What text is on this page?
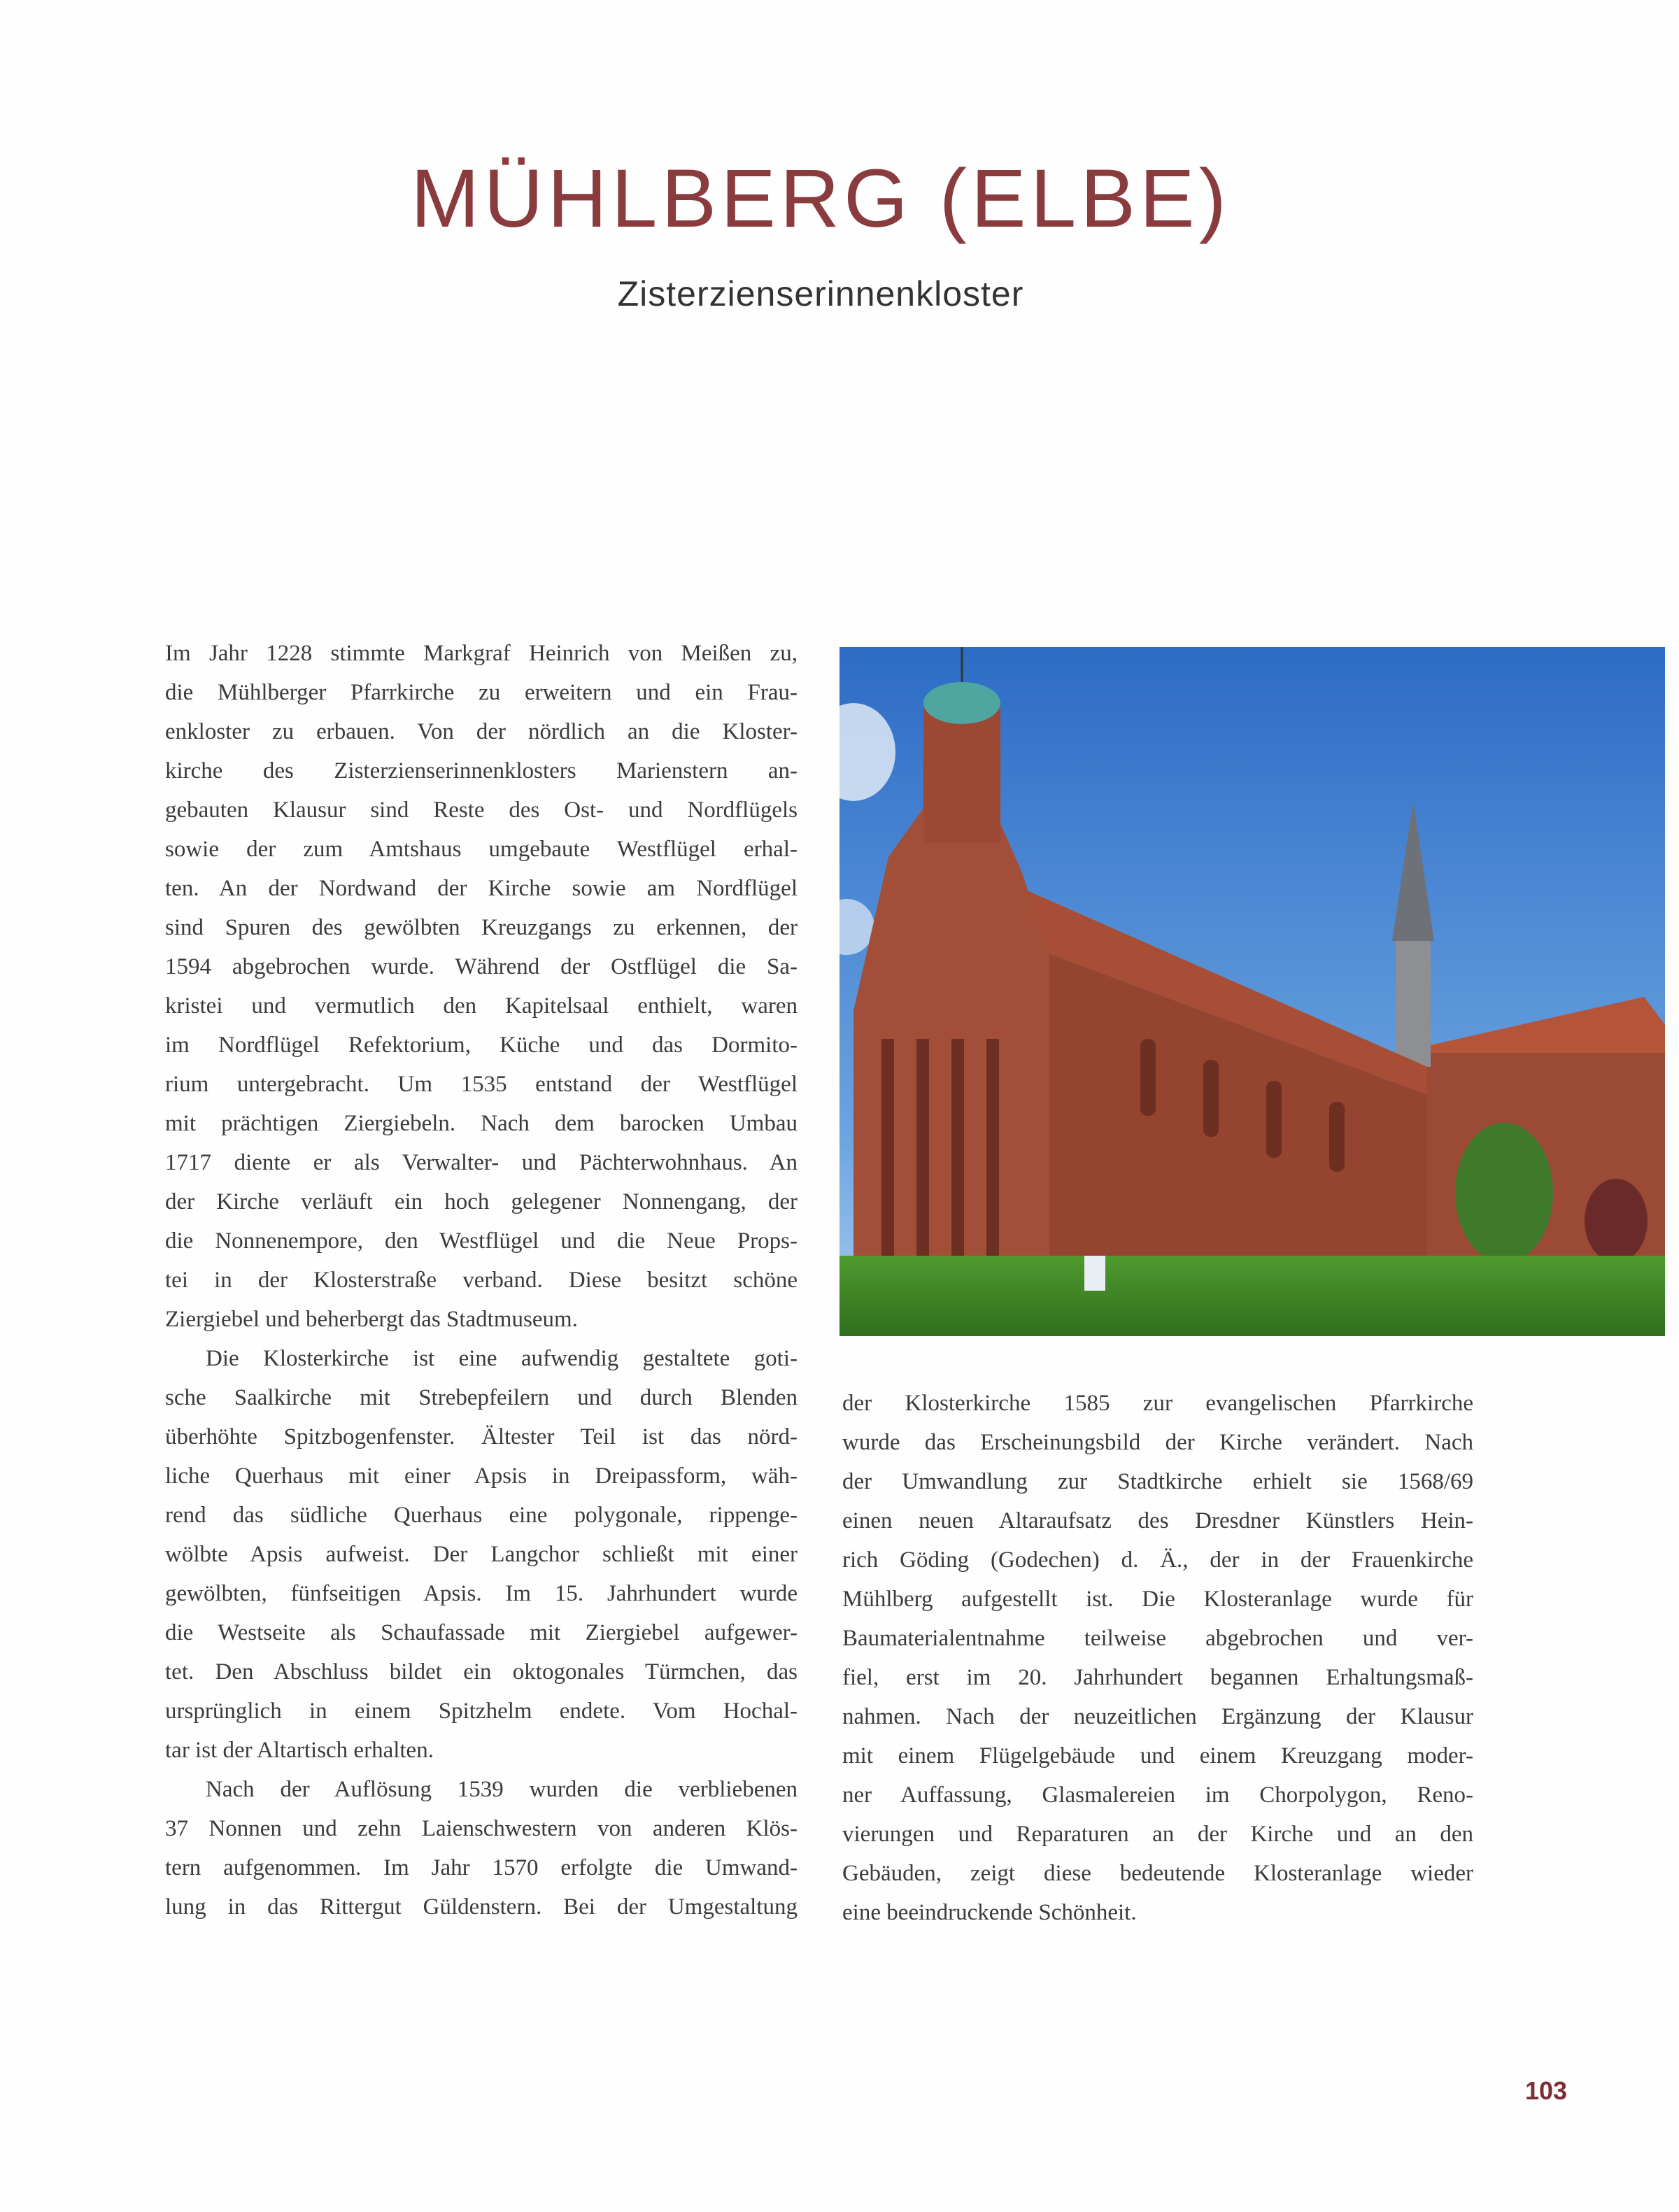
MÜHLBERG (ELBE)
Zisterzienserinnenkloster
Im Jahr 1228 stimmte Markgraf Heinrich von Meißen zu,
die Mühlberger Pfarrkirche zu erweitern und ein Frau-
enkloster zu erbauen. Von der nördlich an die Kloster-
kirche des Zisterzienserinnenklosters Marienstern an-
gebauten Klausur sind Reste des Ost- und Nordflügels
sowie der zum Amtshaus umgebaute Westflügel erhal-
ten. An der Nordwand der Kirche sowie am Nordflügel
sind Spuren des gewölbten Kreuzgangs zu erkennen, der
1594 abgebrochen wurde. Während der Ostflügel die Sa-
kristei und vermutlich den Kapitelsaal enthielt, waren
im Nordflügel Refektorium, Küche und das Dormito-
rium untergebracht. Um 1535 entstand der Westflügel
mit prächtigen Ziergiebeln. Nach dem barocken Umbau
1717 diente er als Verwalter- und Pächterwohnhaus. An
der Kirche verläuft ein hoch gelegener Nonnengang, der
die Nonnenempore, den Westflügel und die Neue Props-
tei in der Klosterstraße verband. Diese besitzt schöne
Ziergiebel und beherbergt das Stadtmuseum.
Die Klosterkirche ist eine aufwendig gestaltete goti-
sche Saalkirche mit Strebepfeilern und durch Blenden
überhöhte Spitzbogenfenster. Ältester Teil ist das nörd-
liche Querhaus mit einer Apsis in Dreipassform, wäh-
rend das südliche Querhaus eine polygonale, rippenge-
wölbte Apsis aufweist. Der Langchor schließt mit einer
gewölbten, fünfseitigen Apsis. Im 15. Jahrhundert wurde
die Westseite als Schaufassade mit Ziergiebel aufgewer-
tet. Den Abschluss bildet ein oktogonales Türmchen, das
ursprünglich in einem Spitzhelm endete. Vom Hochal-
tar ist der Altartisch erhalten.
Nach der Auflösung 1539 wurden die verbliebenen
37 Nonnen und zehn Laienschwestern von anderen Klös-
tern aufgenommen. Im Jahr 1570 erfolgte die Umwand-
lung in das Rittergut Güldenstern. Bei der Umgestaltung
der Klosterkirche 1585 zur evangelischen Pfarrkirche
wurde das Erscheinungsbild der Kirche verändert. Nach
der Umwandlung zur Stadtkirche erhielt sie 1568/69
einen neuen Altaraufsatz des Dresdner Künstlers Hein-
rich Göding (Godechen) d. Ä., der in der Frauenkirche
Mühlberg aufgestellt ist. Die Klosteranlage wurde für
Baumaterialentnahme teilweise abgebrochen und ver-
fiel, erst im 20. Jahrhundert begannen Erhaltungsmaß-
nahmen. Nach der neuzeitlichen Ergänzung der Klausur
mit einem Flügelgebäude und einem Kreuzgang moder-
ner Auffassung, Glasmalereien im Chorpolygon, Reno-
vierungen und Reparaturen an der Kirche und an den
Gebäuden, zeigt diese bedeutende Klosteranlage wieder
eine beeindruckende Schönheit.
103
